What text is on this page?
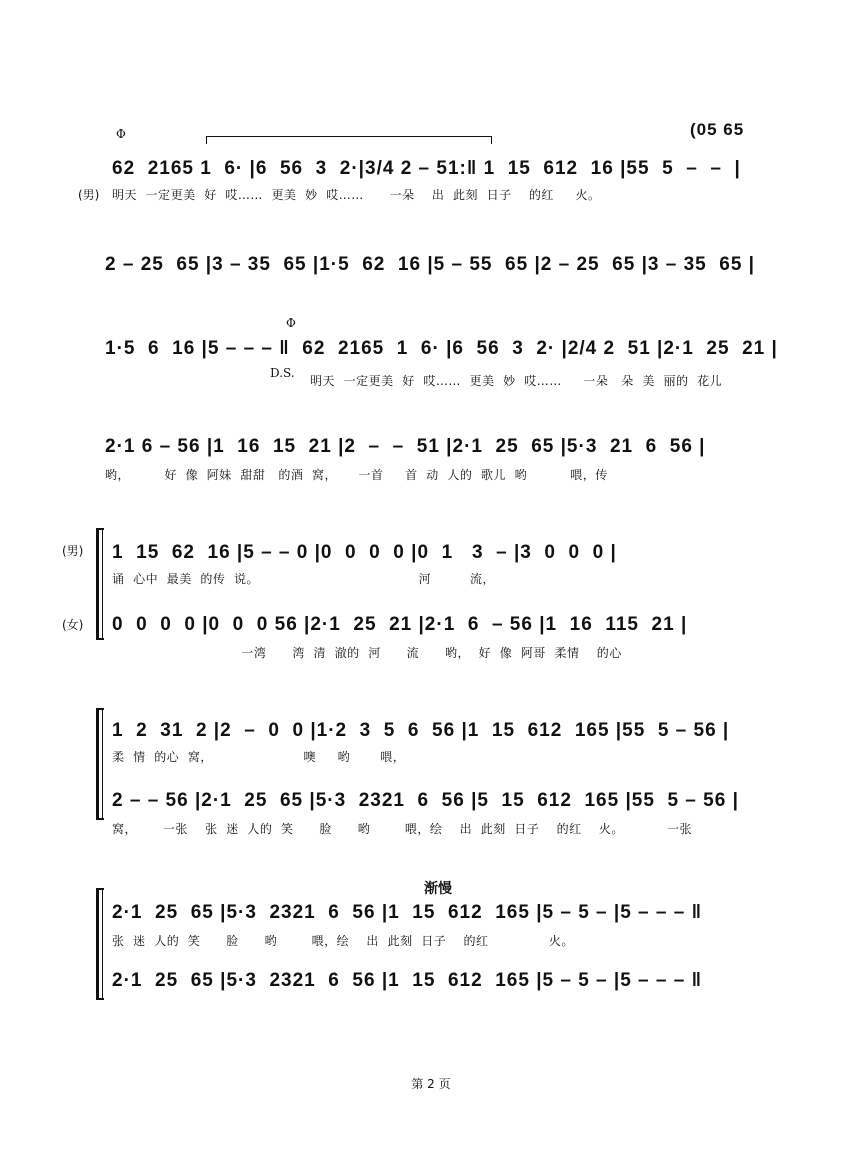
Φ	(05 65
62  2165 1  6· |6  56  3  2·|3/4 2 – 51:‖ 1  15  612  16 |55  5  –  –  |
(男) 明天  一定更美  好  哎……  更美  妙  哎……      一朵    出  此刻  日子    的红     火。
2 – 25  65 |3 – 35  65 |1·5  62  16 |5 – 55  65 |2 – 25  65 |3 – 35  65 |
Φ
1·5  6  16 |5 – – – ‖  62  2165  1  6· |6  56  3  2· |2/4 2  51 |2·1  25  21 |
D.S.
明天  一定更美  好  哎……  更美  妙  哎……     一朵   朵  美  丽的  花儿
2·1 6 – 56 |1  16  15  21 |2  –  –  51 |2·1  25  65 |5·3  21  6  56 |
哟，        好  像  阿妹  甜甜   的酒  窝，     一首     首  动  人的  歌儿  哟          喂，传
(男) 1  15  62  16 |5 – – 0 |0  0  0  0 |0  1   3  – |3  0  0  0 |
诵  心中  最美  的传  说。                                     河         流，
(女) 0  0  0  0 |0  0  0 56 |2·1  25  21 |2·1  6  – 56 |1  16  115  21 |
一湾      湾  清  澈的  河      流      哟，  好  像  阿哥  柔情    的心
1  2  31  2 |2  –  0  0 |1·2  3  5  6  56 |1  15  612  165 |55  5 – 56 |
柔  情  的心  窝，                     噢     哟       喂，
2 – – 56 |2·1  25  65 |5·3  2321  6  56 |5  15  612  165 |55  5 – 56 |
窝，      一张    张  迷  人的  笑      脸      哟        喂，绘    出  此刻  日子    的红    火。          一张
渐慢
2·1  25  65 |5·3  2321  6  56 |1  15  612  165 |5 – 5 – |5 – – – ‖
张  迷  人的  笑      脸      哟        喂，绘    出  此刻  日子    的红              火。
2·1  25  65 |5·3  2321  6  56 |1  15  612  165 |5 – 5 – |5 – – – ‖
第 2 页
